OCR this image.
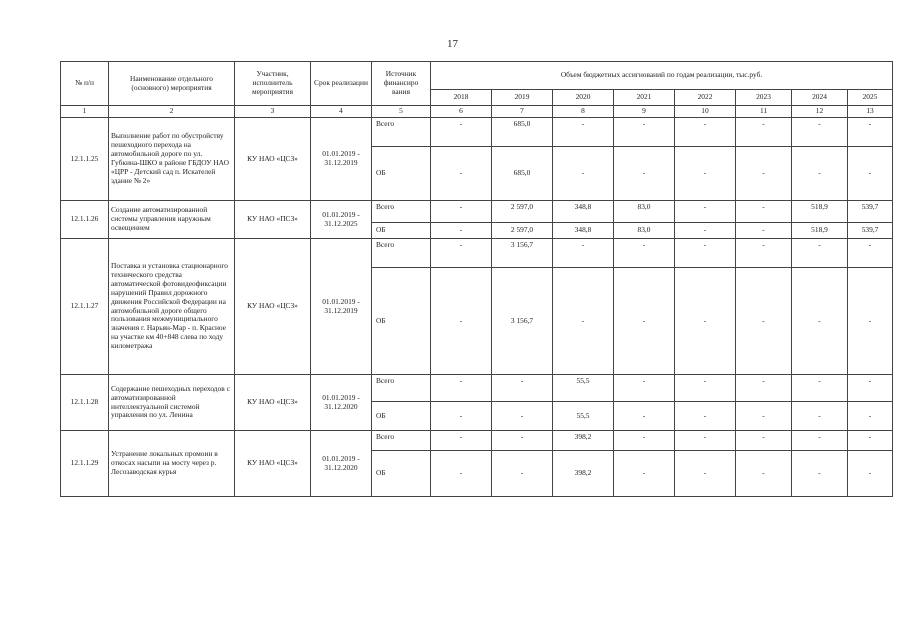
17
№ п/п	Наименование отдельного (основного) мероприятия	Участник, исполнитель мероприятия	Срок реализации	Источник финансиро вания	Объем бюджетных ассигнований по годам реализации, тыс.руб.							
					2018	2019	2020	2021	2022	2023	2024	2025
1	2	3	4	5	6	7	8	9	10	11	12	13
12.1.1.25	Выполнение работ по обустройству пешеходного перехода на автомобильной дороге по ул. Губкина-ШКО в районе ГБДОУ НАО «ЦРР - Детский сад п. Искателей здание № 2»	КУ НАО «ЦСЗ»	01.01.2019 - 31.12.2019	Всего	-	685,0	-	-	-	-	-	-
				ОБ	-	685,0	-	-	-	-	-	-
12.1.1.26	Создание автоматизированной системы управления наружным освещением	КУ НАО «ПСЗ»	01.01.2019 - 31.12.2025	Всего	-	2 597,0	348,8	83,0	-	-	518,9	539,7
				ОБ	-	2 597,0	348,8	83,0	-	-	518,9	539,7
12.1.1.27	Поставка и установка стационарного технического средства автоматической фотовидеофиксации нарушений Правил дорожного движения Российской Федерации на автомобильной дороге общего пользования межмуниципального значения г. Нарьян-Мар - п. Красное на участке км 40+848 слева по ходу километража	КУ НАО «ЦСЗ»	01.01.2019 - 31.12.2019	Всего	-	3 156,7	-	-	-	-	-	-
				ОБ	-	3 156,7	-	-	-	-	-	-
12.1.1.28	Содержание пешеходных переходов с автоматизированной интеллектуальной системой управления по ул. Ленина	КУ НАО «ЦСЗ»	01.01.2019 - 31.12.2020	Всего	-	-	55,5	-	-	-	-	-
				ОБ	-	-	55,5	-	-	-	-	-
12.1.1.29	Устранение локальных промоин в откосах насыпи на мосту через р. Лесозаводская курья	КУ НАО «ЦСЗ»	01.01.2019 - 31.12.2020	Всего	-	-	398,2	-	-	-	-	-
				ОБ	-	-	398,2	-	-	-	-	-
